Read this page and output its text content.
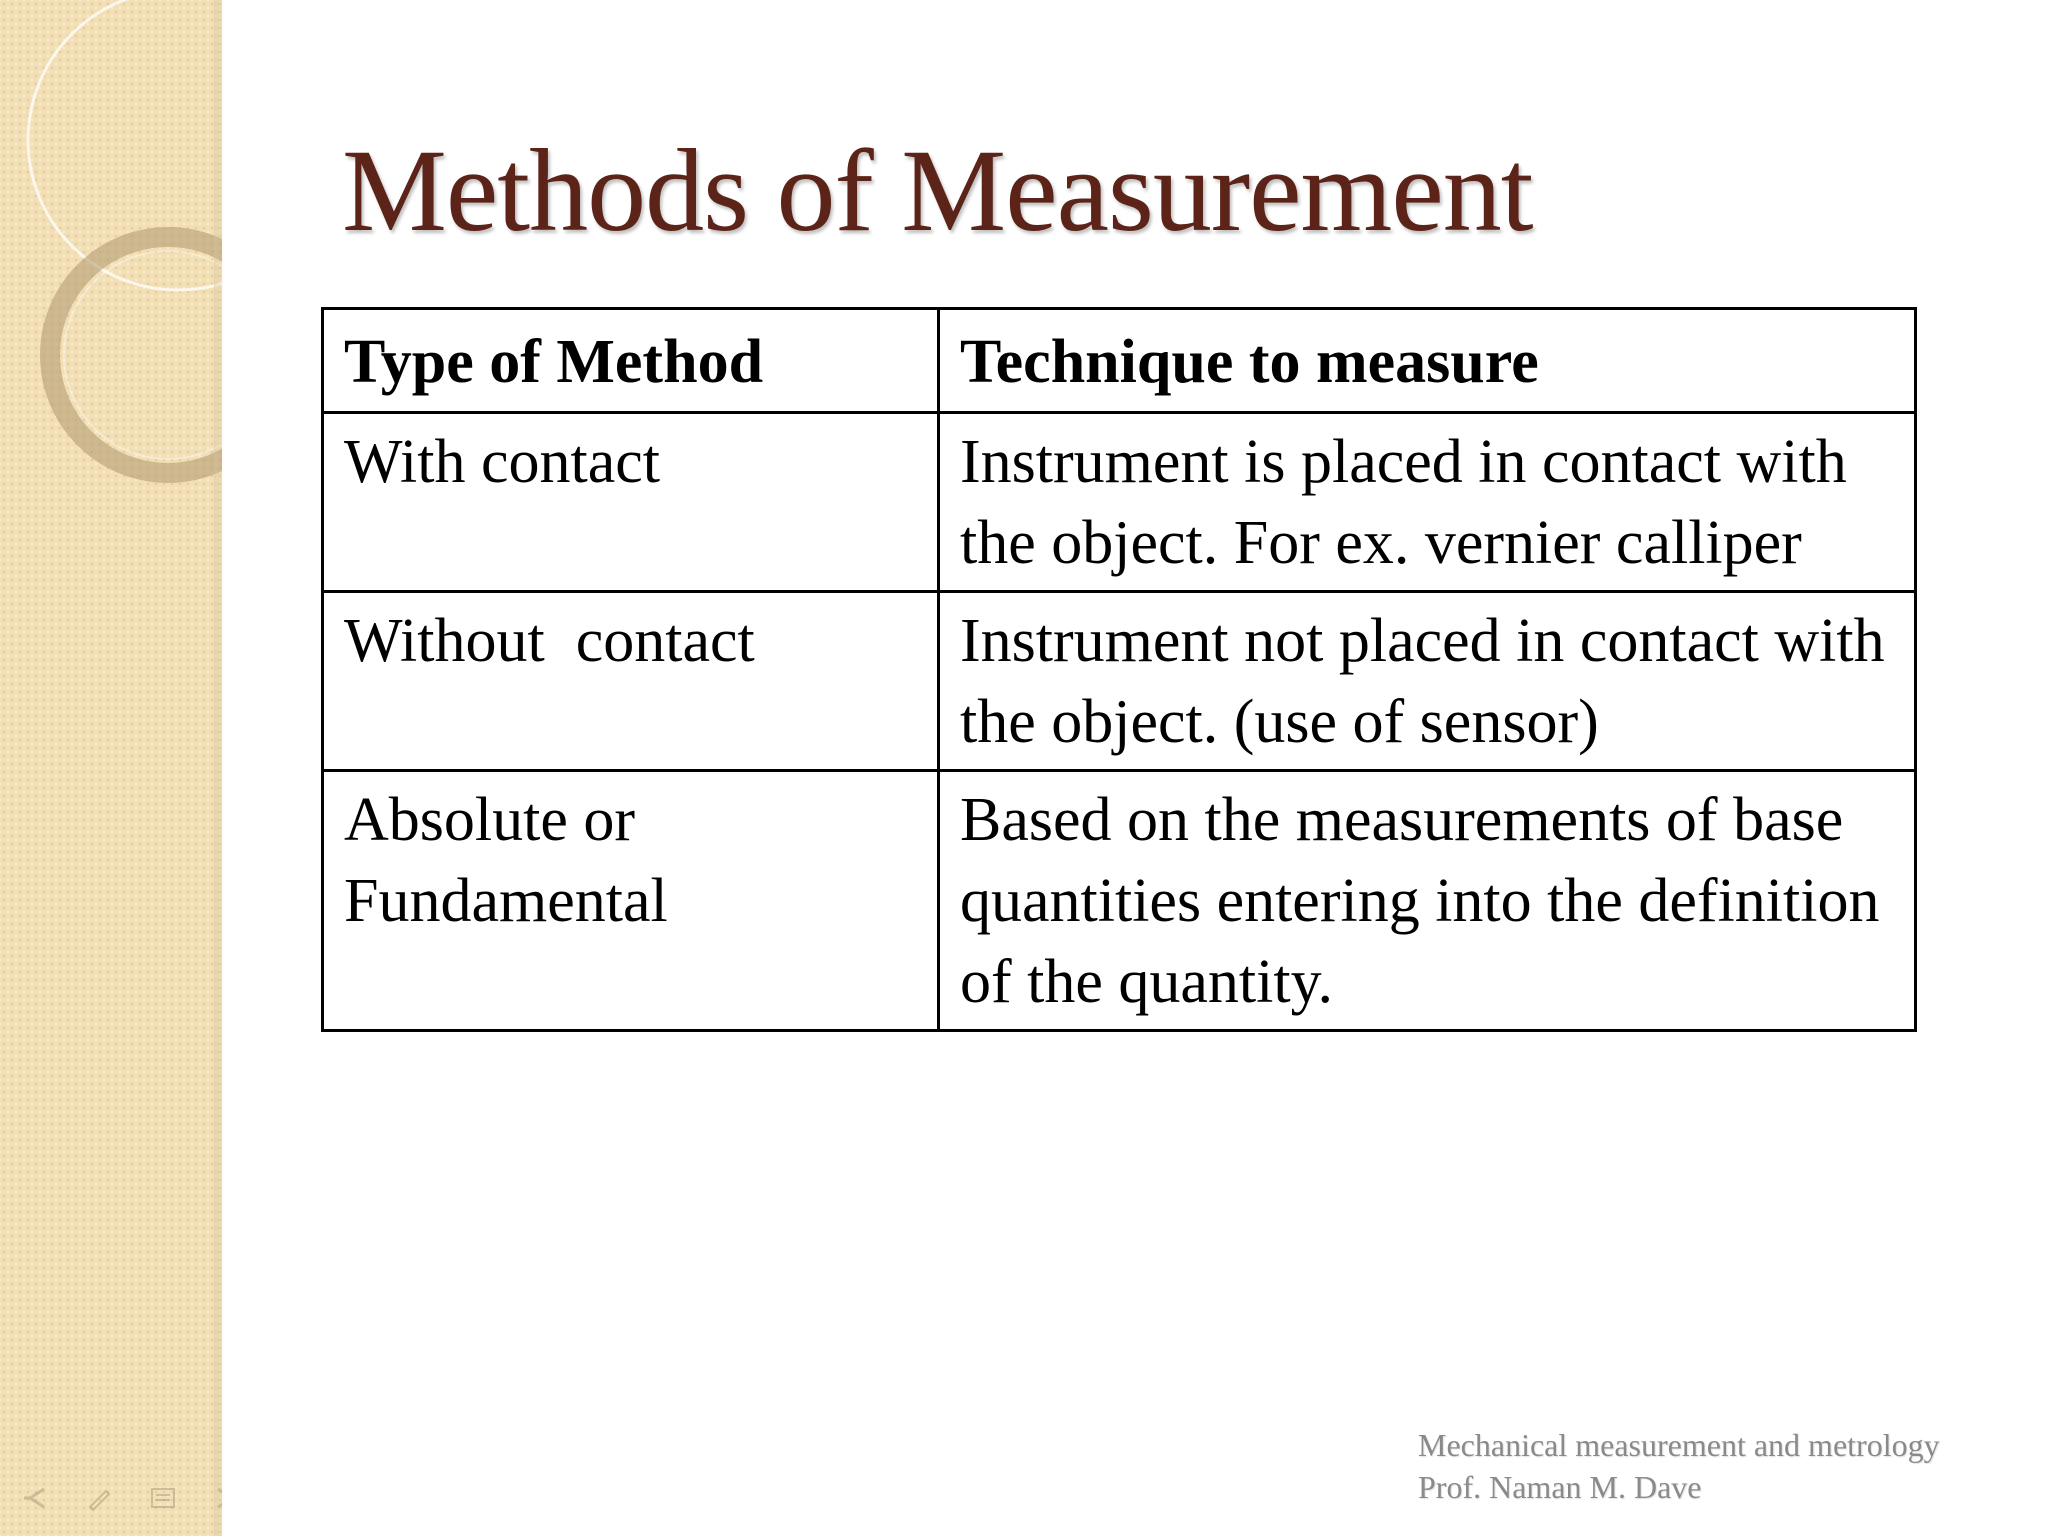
Methods of Measurement
Type of Method	Technique to measure
With contact	Instrument is placed in contact with the object. For ex. vernier calliper
Without  contact	Instrument not placed in contact with the object. (use of sensor)
Absolute or Fundamental	Based on the measurements of base quantities entering into the definition of the quantity.
Mechanical measurement and metrology
Prof. Naman M. Dave
